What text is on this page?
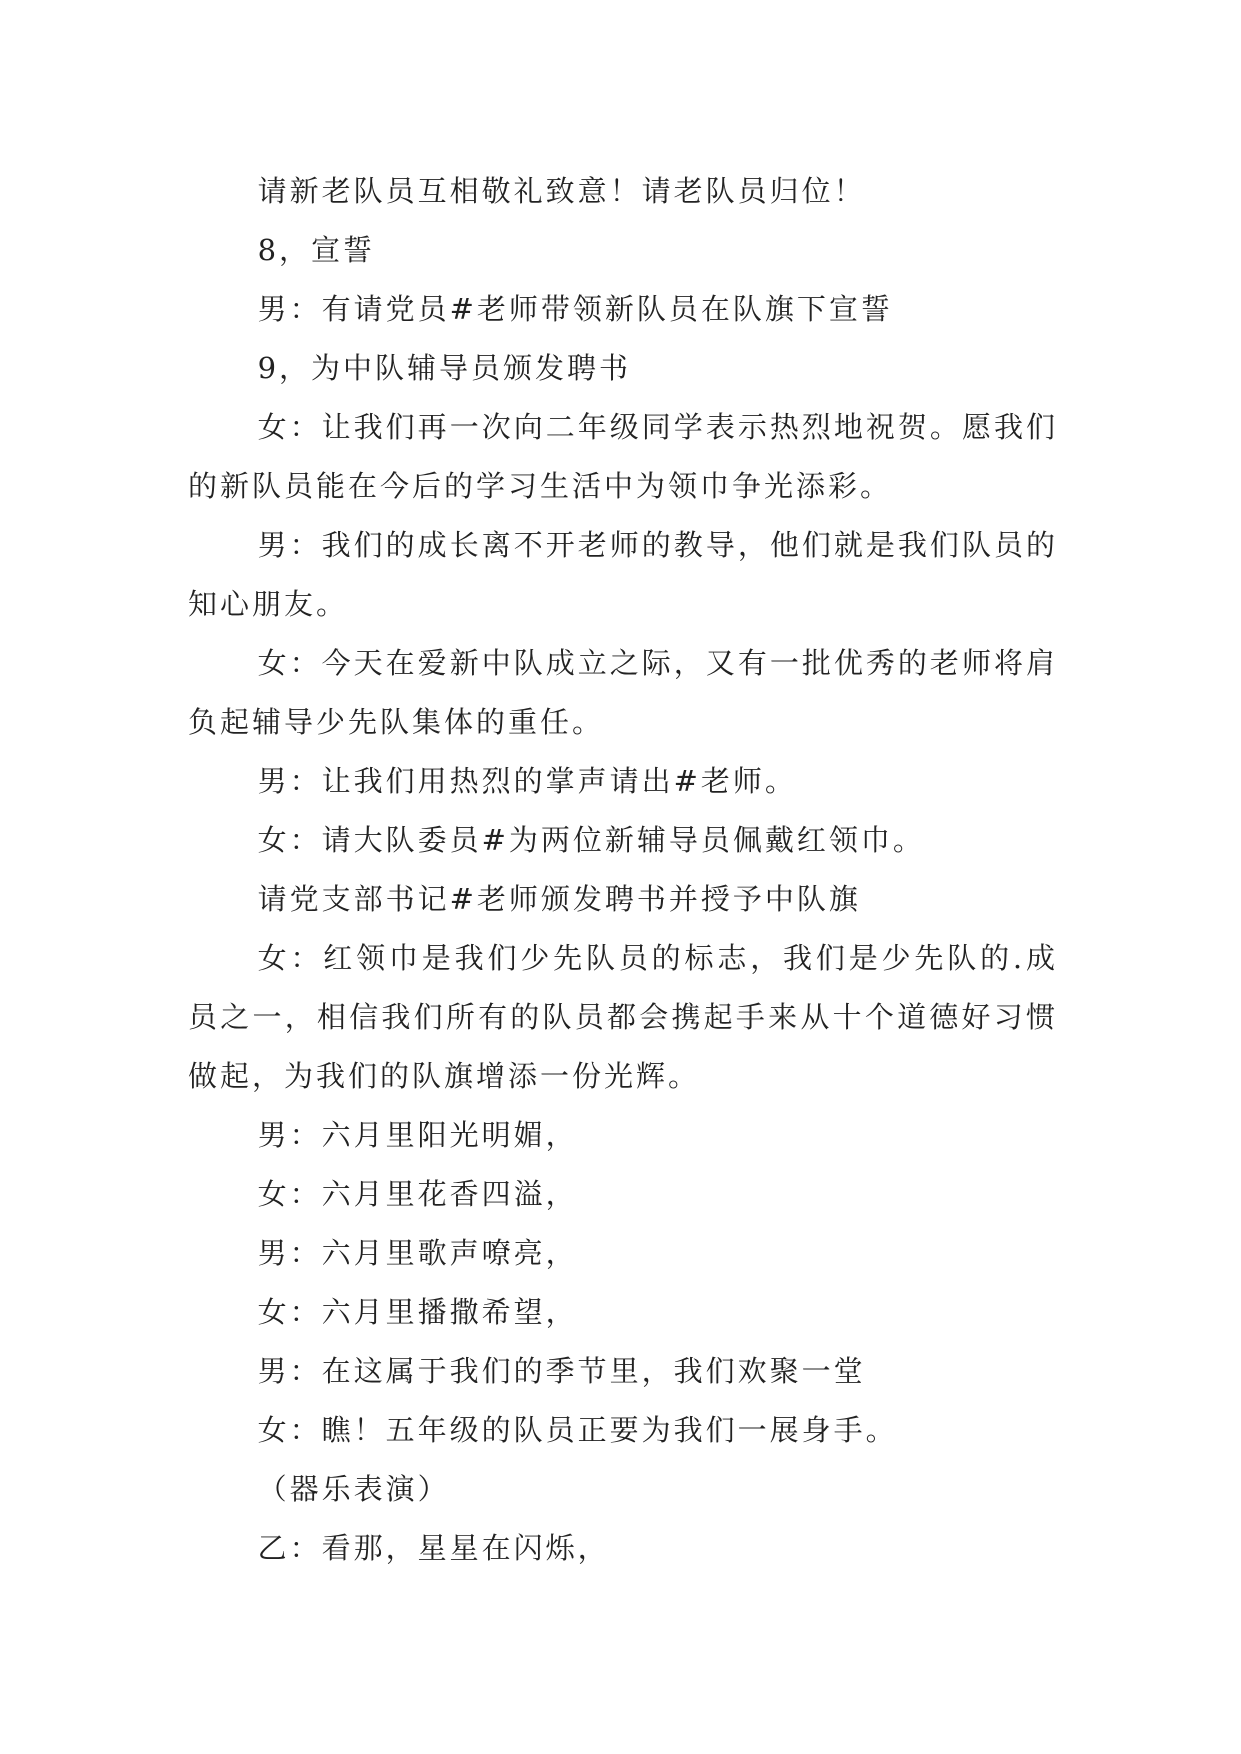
请新老队员互相敬礼致意！请老队员归位！

8，宣誓

男：有请党员#老师带领新队员在队旗下宣誓

9，为中队辅导员颁发聘书

女：让我们再一次向二年级同学表示热烈地祝贺。愿我们的新队员能在今后的学习生活中为领巾争光添彩。

男：我们的成长离不开老师的教导，他们就是我们队员的知心朋友。

女：今天在爱新中队成立之际，又有一批优秀的老师将肩负起辅导少先队集体的重任。

男：让我们用热烈的掌声请出#老师。

女：请大队委员#为两位新辅导员佩戴红领巾。

请党支部书记#老师颁发聘书并授予中队旗

女：红领巾是我们少先队员的标志，我们是少先队的.成员之一，相信我们所有的队员都会携起手来从十个道德好习惯做起，为我们的队旗增添一份光辉。

男：六月里阳光明媚，

女：六月里花香四溢，

男：六月里歌声嘹亮，

女：六月里播撒希望，

男：在这属于我们的季节里，我们欢聚一堂

女：瞧！五年级的队员正要为我们一展身手。

（器乐表演）

乙：看那，星星在闪烁，
